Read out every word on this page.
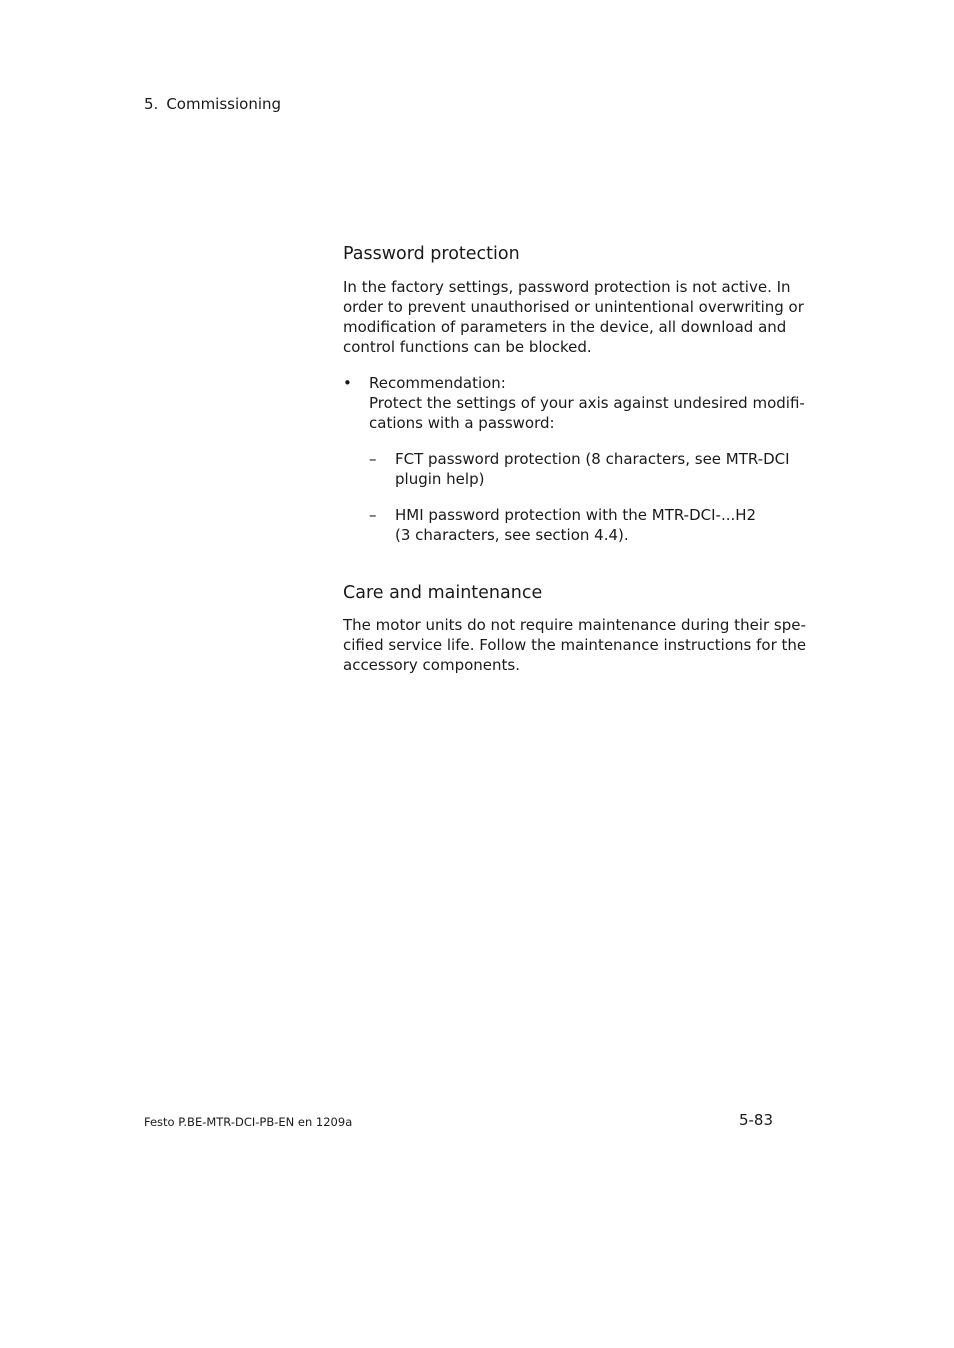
5. Commissioning
Password protection
In the factory settings, password protection is not active. In
order to prevent unauthorised or unintentional overwriting or
modification of parameters in the device, all download and
control functions can be blocked.
• Recommendation:
Protect the settings of your axis against undesired modifi-
cations with a password:
– FCT password protection (8 characters, see MTR-DCI
plugin help)
– HMI password protection with the MTR-DCI-...H2
(3 characters, see section 4.4).
Care and maintenance
The motor units do not require maintenance during their spe-
cified service life. Follow the maintenance instructions for the
accessory components.
Festo P.BE-MTR-DCI-PB-EN en 1209a	5-83
